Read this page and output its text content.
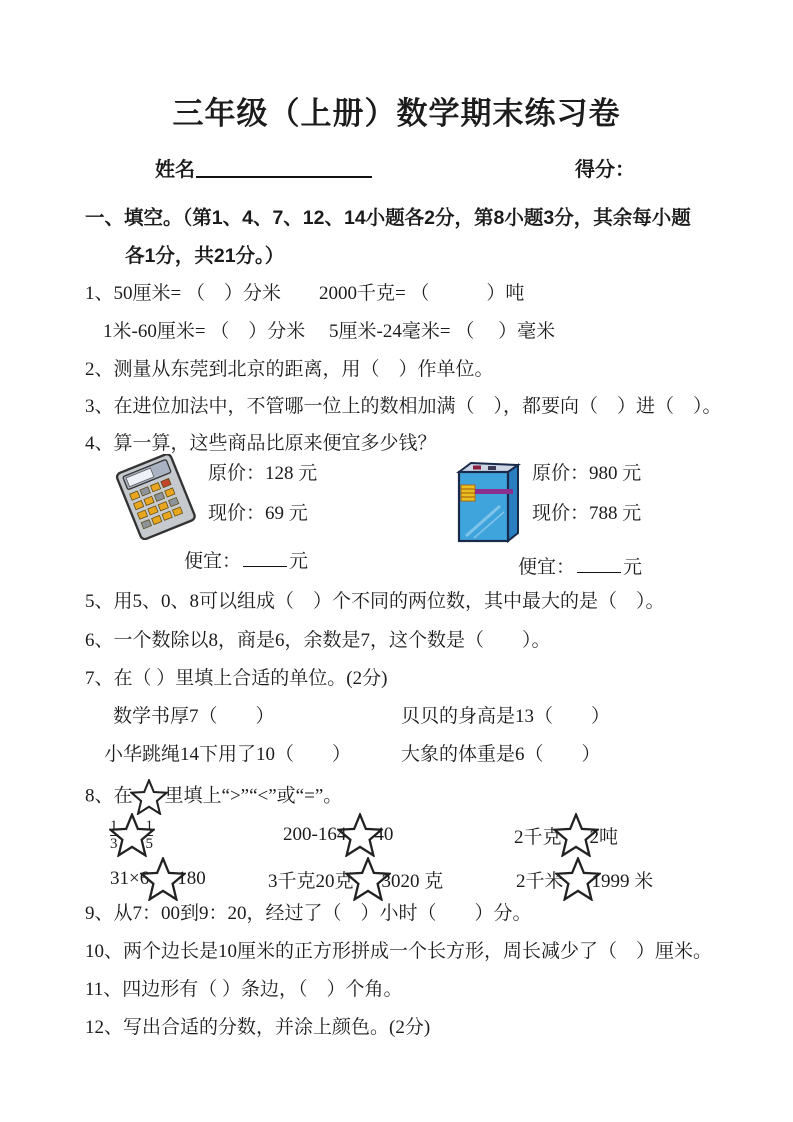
三年级（上册）数学期末练习卷
姓名	得分：
一、填空。（第1、4、7、12、14小题各2分，第8小题3分，其余每小题
各1分，共21分。）
1、50厘米= （　）分米　　2000千克= （　　　）吨
1米-60厘米= （　）分米　 5厘米-24毫米= （　 ）毫米
2、测量从东莞到北京的距离，用（　）作单位。
3、在进位加法中，不管哪一位上的数相加满（　），都要向（　）进（　）。
4、算一算，这些商品比原来便宜多少钱？
原价：128 元
现价：69 元
便宜：	元
原价：980 元
现价：788 元
便宜：	元
5、用5、0、8可以组成（　）个不同的两位数，其中最大的是（　）。
6、一个数除以8，商是6，余数是7，这个数是（　　）。
7、在（ ）里填上合适的单位。(2分)
数学书厚7（　　）	贝贝的身高是13（　　）
小华跳绳14下用了10（　　）	大象的体重是6（　　）
8、在 里填上“>”“<”或“=”。
$\frac{1}{3} \frac{1}{5}$	200-164 40	2千克 2吨
31×6 180	3千克20克 3020 克	2千米 1999 米
9、从7：00到9：20，经过了（　）小时（　　）分。
10、两个边长是10厘米的正方形拼成一个长方形，周长减少了（　）厘米。
11、四边形有（ ）条边，（　）个角。
12、写出合适的分数，并涂上颜色。(2分)
